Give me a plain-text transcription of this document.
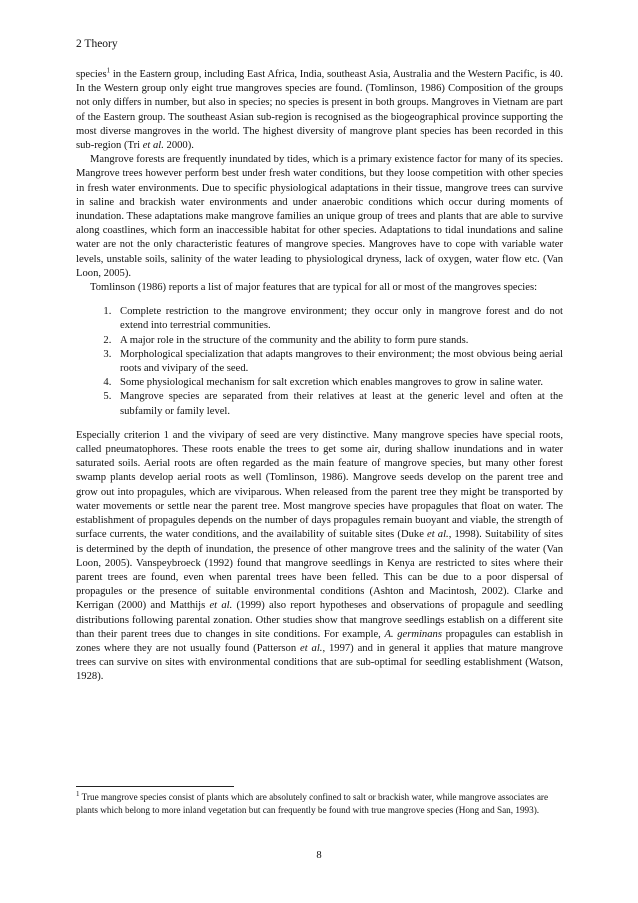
2 Theory

species$^1$ in the Eastern group, including East Africa, India, southeast Asia, Australia and the Western Pacific, is 40. In the Western group only eight true mangroves species are found. (Tomlinson, 1986) Composition of the groups not only differs in number, but also in species; no species is present in both groups. Mangroves in Vietnam are part of the Eastern group. The southeast Asian sub-region is recognised as the biogeographical province supporting the most diverse mangroves in the world. The highest diversity of mangrove plant species has been recorded in this sub-region (Tri et al. 2000).

Mangrove forests are frequently inundated by tides, which is a primary existence factor for many of its species. Mangrove trees however perform best under fresh water conditions, but they loose competition with other species in fresh water environments. Due to specific physiological adaptations in their tissue, mangrove trees can survive in saline and brackish water environments and under anaerobic conditions which occur during moments of inundation. These adaptations make mangrove families an unique group of trees and plants that are able to survive along coastlines, which form an inaccessible habitat for other species. Adaptations to tidal inundations and saline water are not the only characteristic features of mangrove species. Mangroves have to cope with variable water levels, unstable soils, salinity of the water leading to physiological dryness, lack of oxygen, water flow etc. (Van Loon, 2005).

Tomlinson (1986) reports a list of major features that are typical for all or most of the mangroves species:

1. Complete restriction to the mangrove environment; they occur only in mangrove forest and do not extend into terrestrial communities.
2. A major role in the structure of the community and the ability to form pure stands.
3. Morphological specialization that adapts mangroves to their environment; the most obvious being aerial roots and vivipary of the seed.
4. Some physiological mechanism for salt excretion which enables mangroves to grow in saline water.
5. Mangrove species are separated from their relatives at least at the generic level and often at the subfamily or family level.

Especially criterion 1 and the vivipary of seed are very distinctive. Many mangrove species have special roots, called pneumatophores. These roots enable the trees to get some air, during shallow inundations and in water saturated soils. Aerial roots are often regarded as the main feature of mangrove species, but many other forest swamp plants develop aerial roots as well (Tomlinson, 1986). Mangrove seeds develop on the parent tree and grow out into propagules, which are viviparous. When released from the parent tree they might be transported by water movements or settle near the parent tree. Most mangrove species have propagules that float on water. The establishment of propagules depends on the number of days propagules remain buoyant and viable, the strength of surface currents, the water conditions, and the availability of suitable sites (Duke et al., 1998). Suitability of sites is determined by the depth of inundation, the presence of other mangrove trees and the salinity of the water (Van Loon, 2005). Vanspeybroeck (1992) found that mangrove seedlings in Kenya are restricted to sites where their parent trees are found, even when parental trees have been felled. This can be due to a poor dispersal of propagules or the presence of suitable environmental conditions (Ashton and Macintosh, 2002). Clarke and Kerrigan (2000) and Matthijs et al. (1999) also report hypotheses and observations of propagule and seedling distributions following parental zonation. Other studies show that mangrove seedlings establish on a different site than their parent trees due to changes in site conditions. For example, A. germinans propagules can establish in zones where they are not usually found (Patterson et al., 1997) and in general it applies that mature mangrove trees can survive on sites with environmental conditions that are sub-optimal for seedling establishment (Watson, 1928).

$^1$ True mangrove species consist of plants which are absolutely confined to salt or brackish water, while mangrove associates are plants which belong to more inland vegetation but can frequently be found with true mangrove species (Hong and San, 1993).
8
